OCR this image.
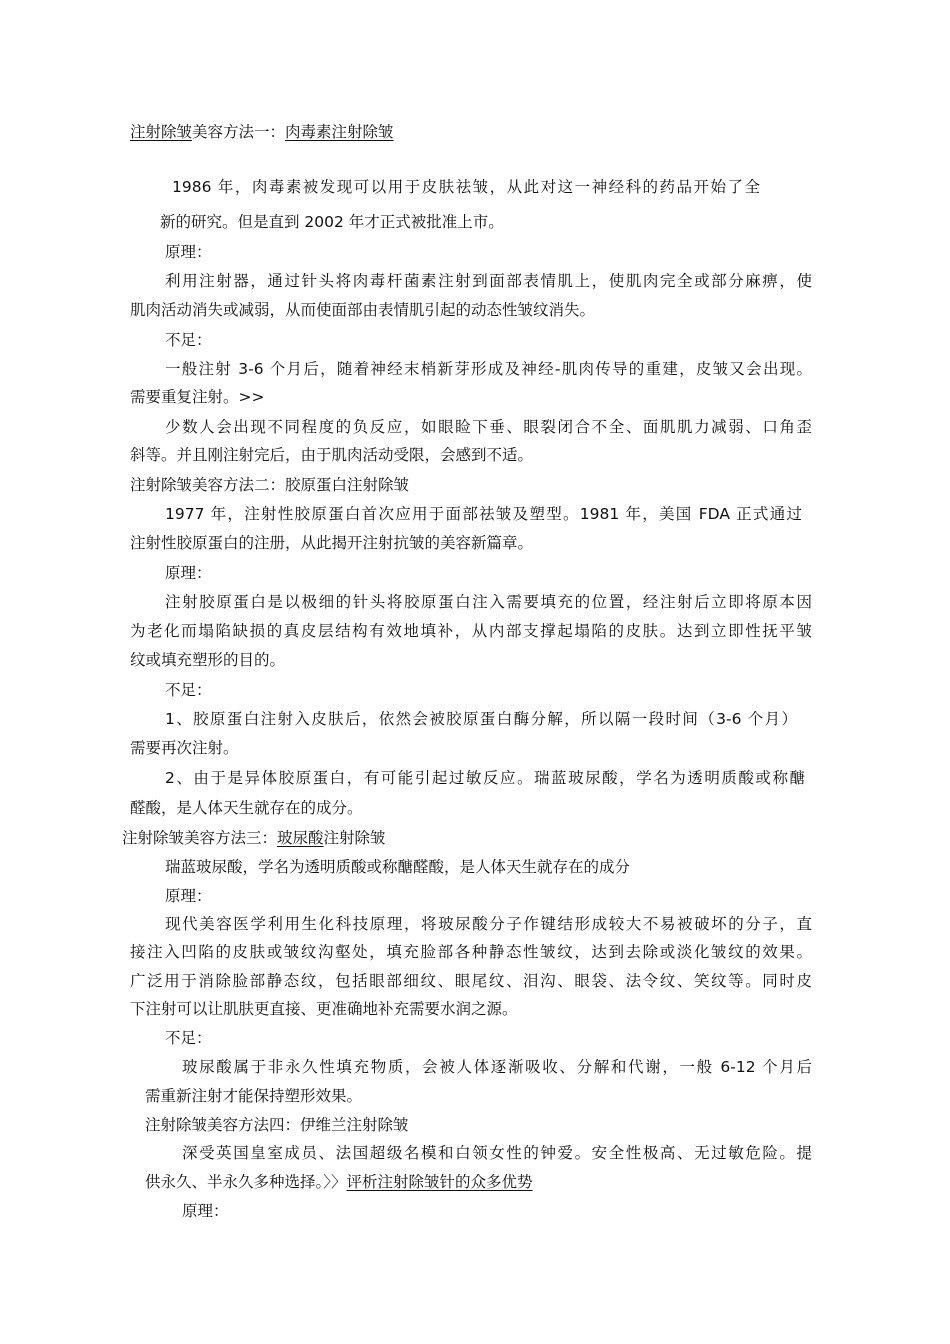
注射除皱美容方法一：肉毒素注射除皱
1986 年，肉毒素被发现可以用于皮肤祛皱，从此对这一神经科的药品开始了全
新的研究。但是直到 2002 年才正式被批准上市。
原理：
利用注射器，通过针头将肉毒杆菌素注射到面部表情肌上，使肌肉完全或部分麻痹，使
肌肉活动消失或减弱，从而使面部由表情肌引起的动态性皱纹消失。
不足：
一般注射 3-6 个月后，随着神经末梢新芽形成及神经-肌肉传导的重建，皮皱又会出现。
需要重复注射。>>
少数人会出现不同程度的负反应，如眼睑下垂、眼裂闭合不全、面肌肌力减弱、口角歪
斜等。并且刚注射完后，由于肌肉活动受限，会感到不适。
注射除皱美容方法二：胶原蛋白注射除皱
1977 年，注射性胶原蛋白首次应用于面部祛皱及塑型。1981 年，美国 FDA 正式通过
注射性胶原蛋白的注册，从此揭开注射抗皱的美容新篇章。
原理：
注射胶原蛋白是以极细的针头将胶原蛋白注入需要填充的位置，经注射后立即将原本因
为老化而塌陷缺损的真皮层结构有效地填补，从内部支撑起塌陷的皮肤。达到立即性抚平皱
纹或填充塑形的目的。
不足：
1、胶原蛋白注射入皮肤后，依然会被胶原蛋白酶分解，所以隔一段时间（3-6 个月）
需要再次注射。
2、由于是异体胶原蛋白，有可能引起过敏反应。瑞蓝玻尿酸，学名为透明质酸或称醣
醛酸，是人体天生就存在的成分。
注射除皱美容方法三：玻尿酸注射除皱
瑞蓝玻尿酸，学名为透明质酸或称醣醛酸，是人体天生就存在的成分
原理：
现代美容医学利用生化科技原理，将玻尿酸分子作键结形成较大不易被破坏的分子，直
接注入凹陷的皮肤或皱纹沟壑处，填充脸部各种静态性皱纹，达到去除或淡化皱纹的效果。
广泛用于消除脸部静态纹，包括眼部细纹、眼尾纹、泪沟、眼袋、法令纹、笑纹等。同时皮
下注射可以让肌肤更直接、更准确地补充需要水润之源。
不足：
玻尿酸属于非永久性填充物质，会被人体逐渐吸收、分解和代谢，一般 6-12 个月后
需重新注射才能保持塑形效果。
注射除皱美容方法四：伊维兰注射除皱
深受英国皇室成员、法国超级名模和白领女性的钟爱。安全性极高、无过敏危险。提
供永久、半永久多种选择。〉〉评析注射除皱针的众多优势
原理：
